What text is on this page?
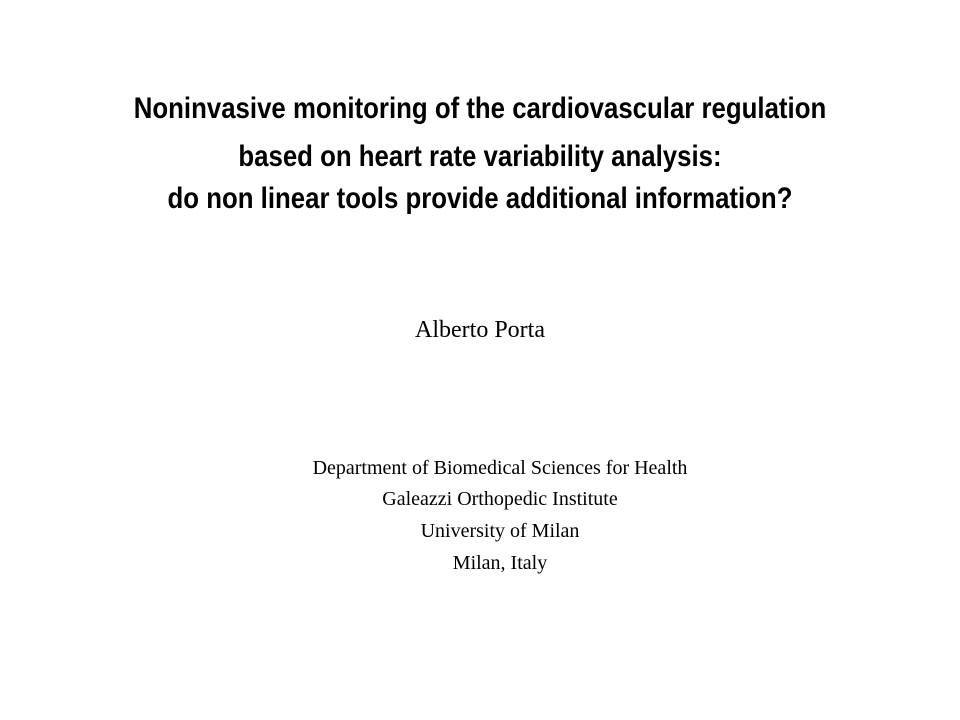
Noninvasive monitoring of the cardiovascular regulation
based on heart rate variability analysis:
do non linear tools provide additional information?
Alberto Porta
Department of Biomedical Sciences for Health
Galeazzi Orthopedic Institute
University of Milan
Milan, Italy
